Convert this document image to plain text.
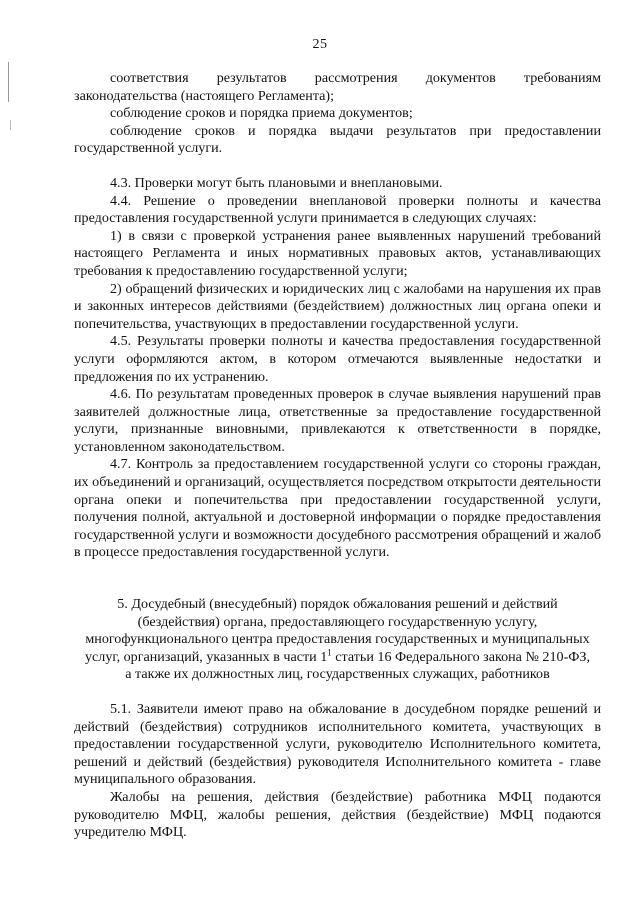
25

соответствия результатов рассмотрения документов требованиям законодательства (настоящего Регламента);

соблюдение сроков и порядка приема документов;

соблюдение сроков и порядка выдачи результатов при предоставлении государственной услуги.

4.3. Проверки могут быть плановыми и внеплановыми.

4.4. Решение о проведении внеплановой проверки полноты и качества предоставления государственной услуги принимается в следующих случаях:

1) в связи с проверкой устранения ранее выявленных нарушений требований настоящего Регламента и иных нормативных правовых актов, устанавливающих требования к предоставлению государственной услуги;

2) обращений физических и юридических лиц с жалобами на нарушения их прав и законных интересов действиями (бездействием) должностных лиц органа опеки и попечительства, участвующих в предоставлении государственной услуги.

4.5. Результаты проверки полноты и качества предоставления государственной услуги оформляются актом, в котором отмечаются выявленные недостатки и предложения по их устранению.

4.6. По результатам проведенных проверок в случае выявления нарушений прав заявителей должностные лица, ответственные за предоставление государственной услуги, признанные виновными, привлекаются к ответственности в порядке, установленном законодательством.

4.7. Контроль за предоставлением государственной услуги со стороны граждан, их объединений и организаций, осуществляется посредством открытости деятельности органа опеки и попечительства при предоставлении государственной услуги, получения полной, актуальной и достоверной информации о порядке предоставления государственной услуги и возможности досудебного рассмотрения обращений и жалоб в процессе предоставления государственной услуги.

5. Досудебный (внесудебный) порядок обжалования решений и действий
(бездействия) органа, предоставляющего государственную услугу,
многофункционального центра предоставления государственных и муниципальных
услуг, организаций, указанных в части $1^1$ статьи 16 Федерального закона № 210-ФЗ,
а также их должностных лиц, государственных служащих, работников

5.1. Заявители имеют право на обжалование в досудебном порядке решений и действий (бездействия) сотрудников исполнительного комитета, участвующих в предоставлении государственной услуги, руководителю Исполнительного комитета, решений и действий (бездействия) руководителя Исполнительного комитета - главе муниципального образования.

Жалобы на решения, действия (бездействие) работника МФЦ подаются руководителю МФЦ, жалобы решения, действия (бездействие) МФЦ подаются учредителю МФЦ.
